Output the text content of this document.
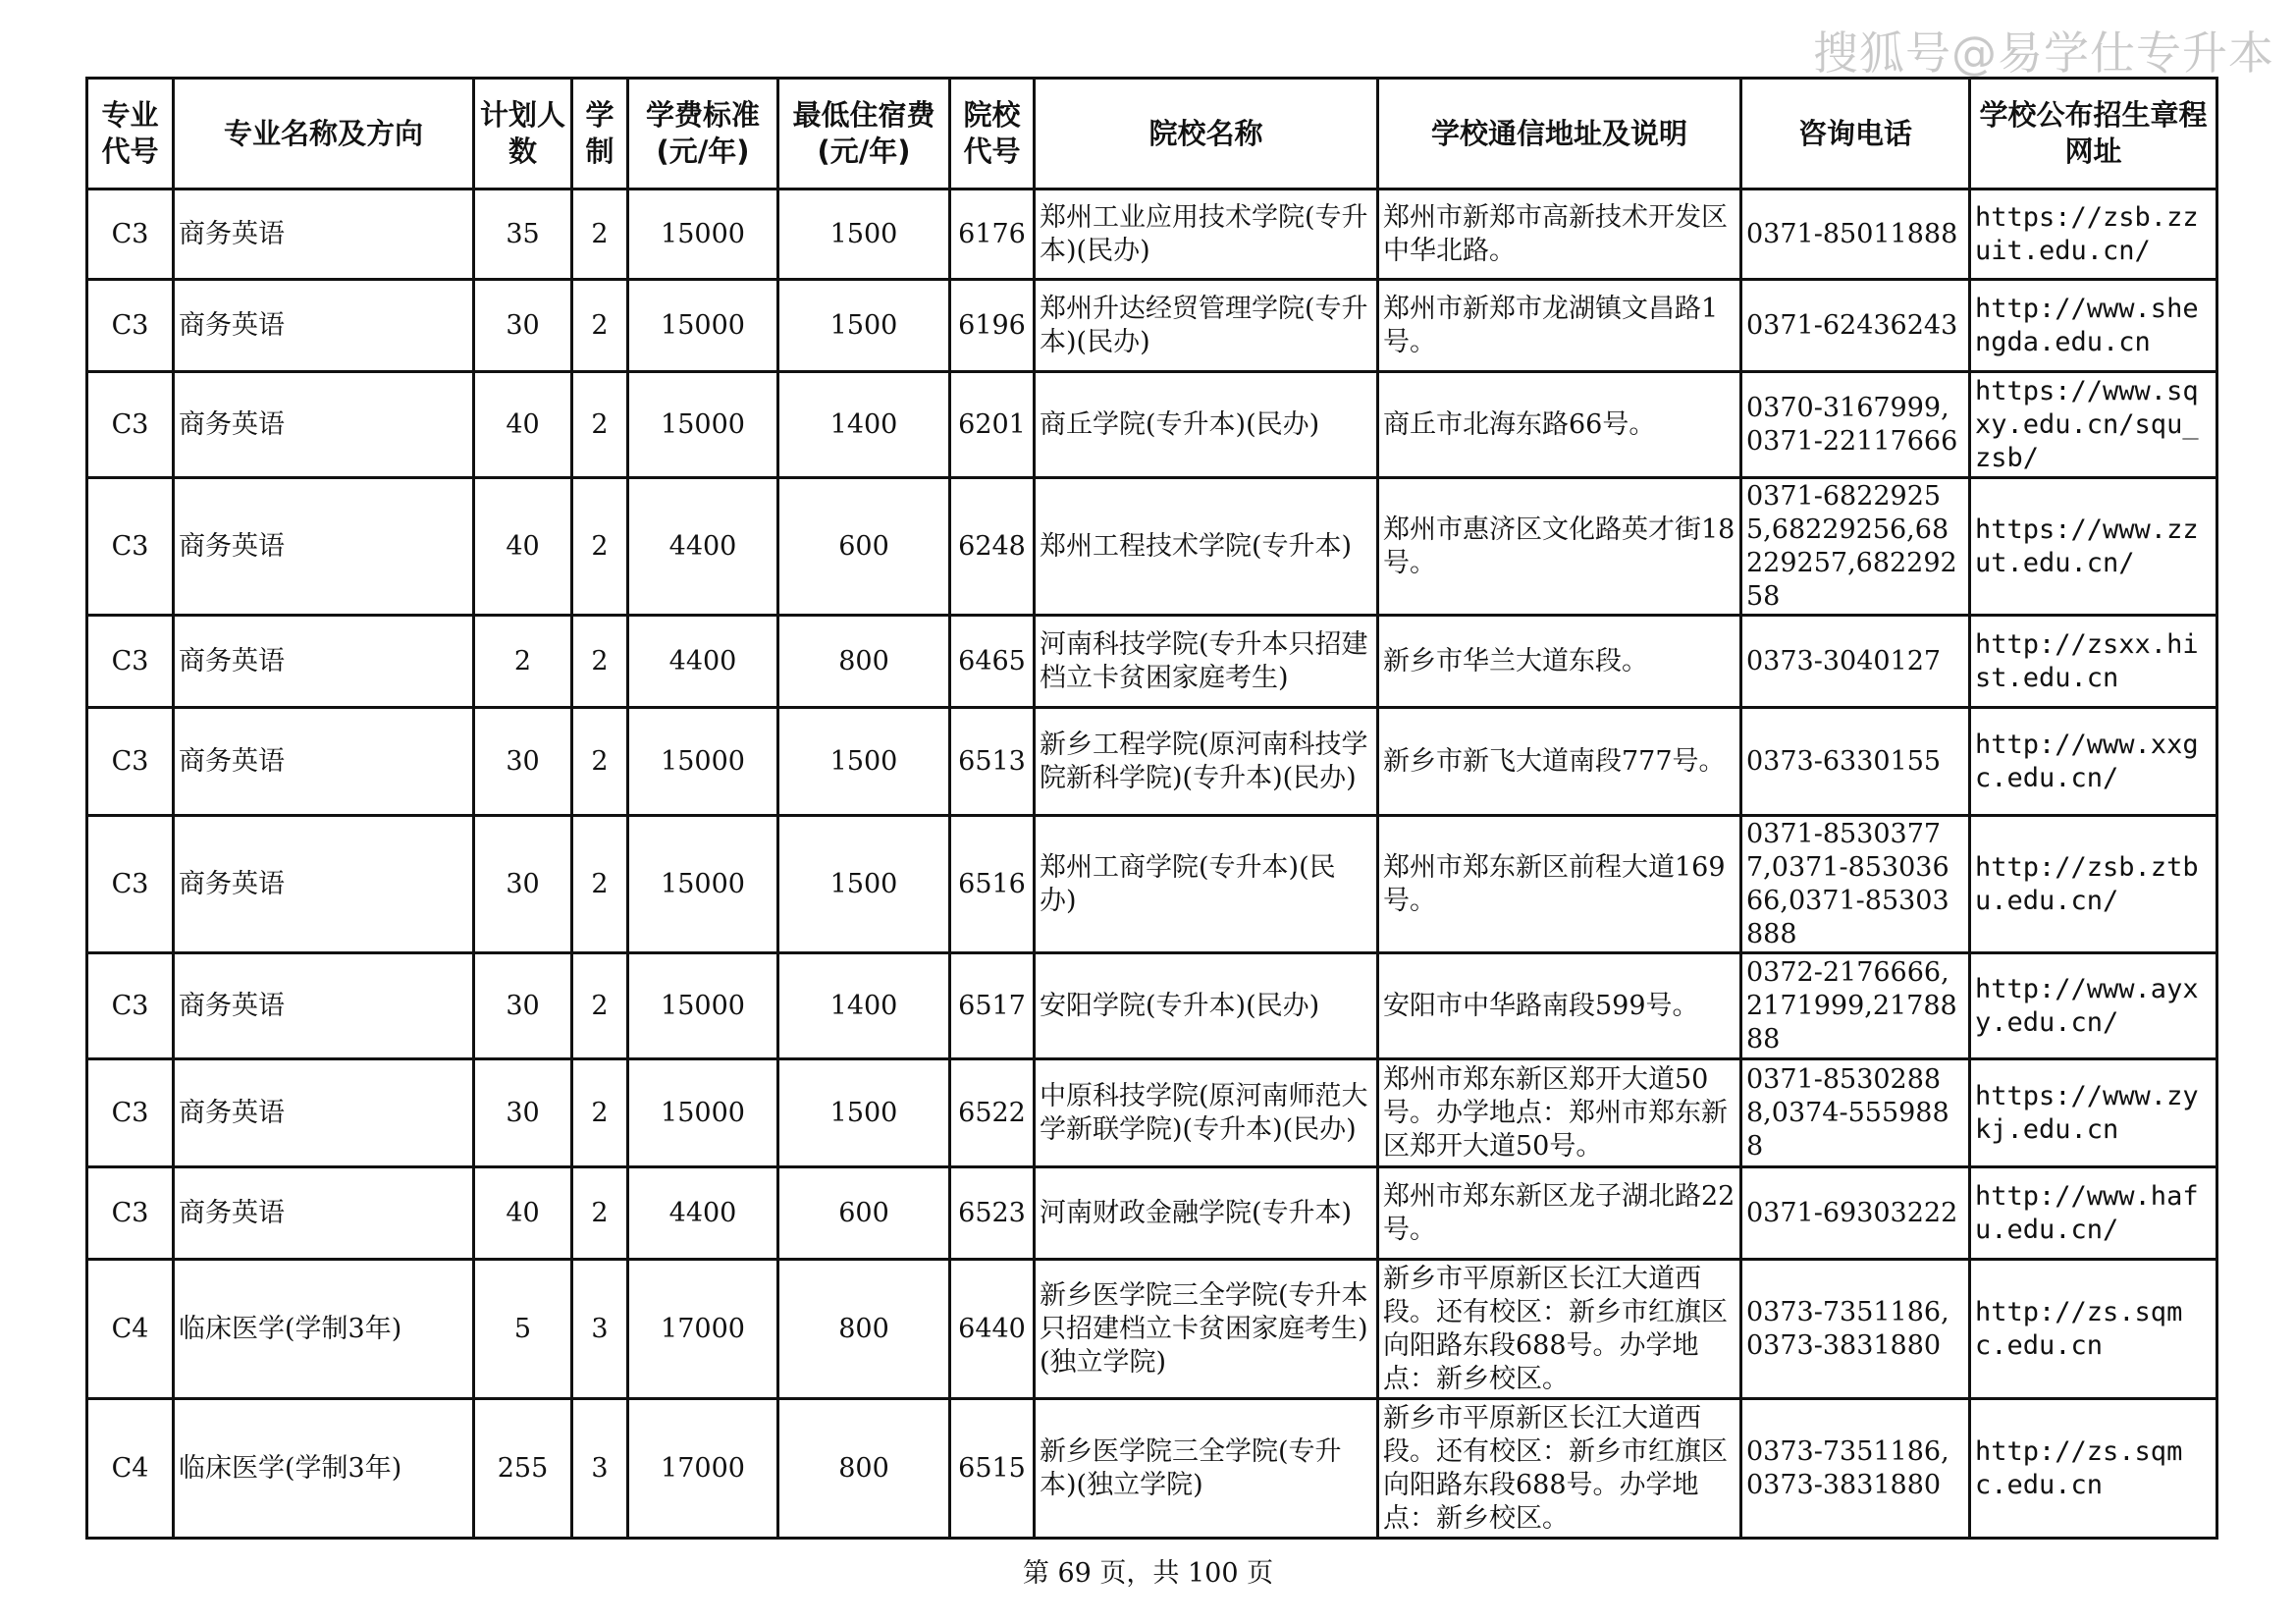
搜狐号@易学仕专升本
专业代号	专业名称及方向	计划人数	学制	学费标准(元/年)	最低住宿费(元/年)	院校代号	院校名称	学校通信地址及说明	咨询电话	学校公布招生章程网址
C3	商务英语	35	2	15000	1500	6176	郑州工业应用技术学院(专升本)(民办)	郑州市新郑市高新技术开发区中华北路。	0371-85011888	https://zsb.zzuit.edu.cn/
C3	商务英语	30	2	15000	1500	6196	郑州升达经贸管理学院(专升本)(民办)	郑州市新郑市龙湖镇文昌路1号。	0371-62436243	http://www.shengda.edu.cn
C3	商务英语	40	2	15000	1400	6201	商丘学院(专升本)(民办)	商丘市北海东路66号。	0370-3167999,0371-22117666	https://www.sqxy.edu.cn/squ_zsb/
C3	商务英语	40	2	4400	600	6248	郑州工程技术学院(专升本)	郑州市惠济区文化路英才街18号。	0371-68229255,68229256,68229257,68229258	https://www.zzut.edu.cn/
C3	商务英语	2	2	4400	800	6465	河南科技学院(专升本只招建档立卡贫困家庭考生)	新乡市华兰大道东段。	0373-3040127	http://zsxx.hist.edu.cn
C3	商务英语	30	2	15000	1500	6513	新乡工程学院(原河南科技学院新科学院)(专升本)(民办)	新乡市新飞大道南段777号。	0373-6330155	http://www.xxgc.edu.cn/
C3	商务英语	30	2	15000	1500	6516	郑州工商学院(专升本)(民办)	郑州市郑东新区前程大道169号。	0371-85303777,0371-85303666,0371-85303888	http://zsb.ztbu.edu.cn/
C3	商务英语	30	2	15000	1400	6517	安阳学院(专升本)(民办)	安阳市中华路南段599号。	0372-2176666,2171999,2178888	http://www.ayxy.edu.cn/
C3	商务英语	30	2	15000	1500	6522	中原科技学院(原河南师范大学新联学院)(专升本)(民办)	郑州市郑东新区郑开大道50号。办学地点：郑州市郑东新区郑开大道50号。	0371-85302888,0374-5559888	https://www.zykj.edu.cn
C3	商务英语	40	2	4400	600	6523	河南财政金融学院(专升本)	郑州市郑东新区龙子湖北路22号。	0371-69303222	http://www.hafu.edu.cn/
C4	临床医学(学制3年)	5	3	17000	800	6440	新乡医学院三全学院(专升本只招建档立卡贫困家庭考生)(独立学院)	新乡市平原新区长江大道西段。还有校区：新乡市红旗区向阳路东段688号。办学地点：新乡校区。	0373-7351186,0373-3831880	http://zs.sqmc.edu.cn
C4	临床医学(学制3年)	255	3	17000	800	6515	新乡医学院三全学院(专升本)(独立学院)	新乡市平原新区长江大道西段。还有校区：新乡市红旗区向阳路东段688号。办学地点：新乡校区。	0373-7351186,0373-3831880	http://zs.sqmc.edu.cn
第 69 页，共 100 页
